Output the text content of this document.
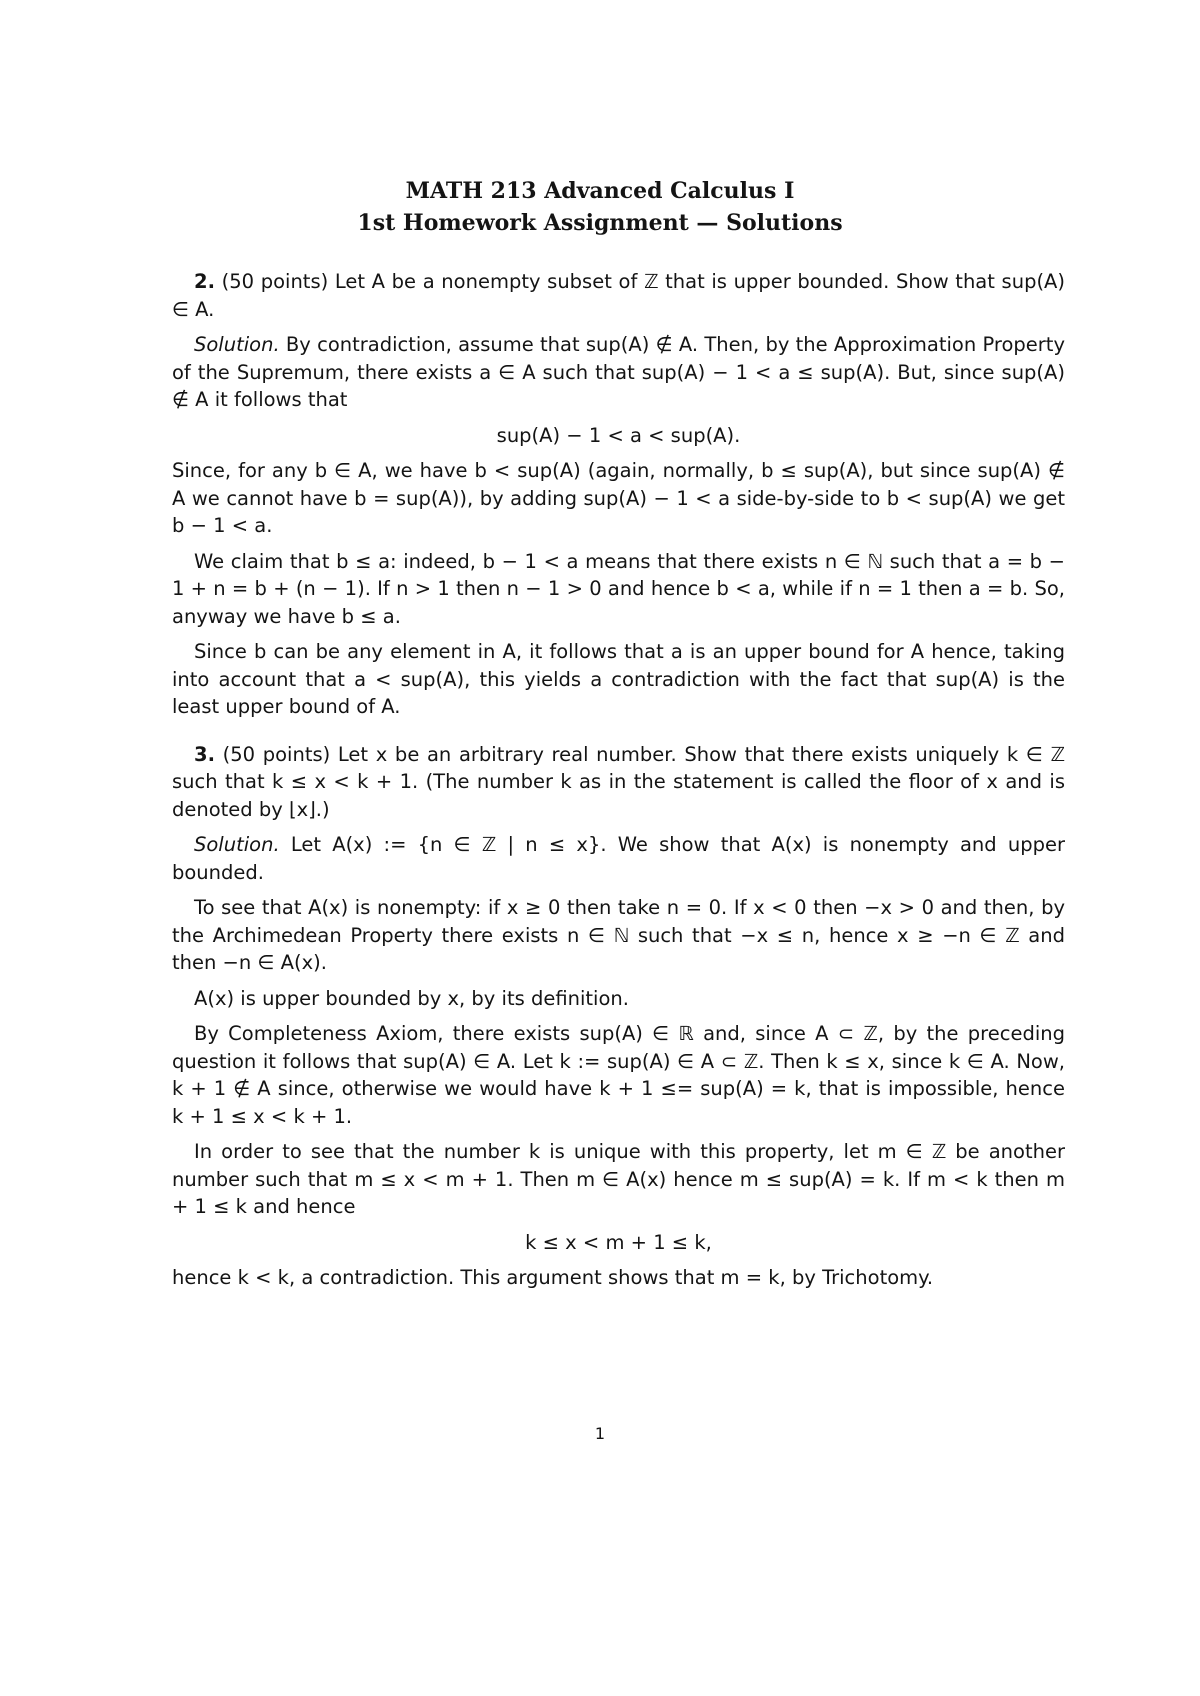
MATH 213 Advanced Calculus I
1st Homework Assignment — Solutions

2. (50 points) Let A be a nonempty subset of ℤ that is upper bounded. Show that sup(A) ∈ A.

Solution. By contradiction, assume that sup(A) ∉ A. Then, by the Approximation Property of the Supremum, there exists a ∈ A such that sup(A) − 1 < a ≤ sup(A). But, since sup(A) ∉ A it follows that

sup(A) − 1 < a < sup(A).

Since, for any b ∈ A, we have b < sup(A) (again, normally, b ≤ sup(A), but since sup(A) ∉ A we cannot have b = sup(A)), by adding sup(A) − 1 < a side-by-side to b < sup(A) we get b − 1 < a.

We claim that b ≤ a: indeed, b − 1 < a means that there exists n ∈ ℕ such that a = b − 1 + n = b + (n − 1). If n > 1 then n − 1 > 0 and hence b < a, while if n = 1 then a = b. So, anyway we have b ≤ a.

Since b can be any element in A, it follows that a is an upper bound for A hence, taking into account that a < sup(A), this yields a contradiction with the fact that sup(A) is the least upper bound of A.

3. (50 points) Let x be an arbitrary real number. Show that there exists uniquely k ∈ ℤ such that k ≤ x < k + 1. (The number k as in the statement is called the floor of x and is denoted by ⌊x⌋.)

Solution. Let A(x) := {n ∈ ℤ | n ≤ x}. We show that A(x) is nonempty and upper bounded.

To see that A(x) is nonempty: if x ≥ 0 then take n = 0. If x < 0 then −x > 0 and then, by the Archimedean Property there exists n ∈ ℕ such that −x ≤ n, hence x ≥ −n ∈ ℤ and then −n ∈ A(x).

A(x) is upper bounded by x, by its definition.

By Completeness Axiom, there exists sup(A) ∈ ℝ and, since A ⊂ ℤ, by the preceding question it follows that sup(A) ∈ A. Let k := sup(A) ∈ A ⊂ ℤ. Then k ≤ x, since k ∈ A. Now, k + 1 ∉ A since, otherwise we would have k + 1 ≤= sup(A) = k, that is impossible, hence k + 1 ≤ x < k + 1.

In order to see that the number k is unique with this property, let m ∈ ℤ be another number such that m ≤ x < m + 1. Then m ∈ A(x) hence m ≤ sup(A) = k. If m < k then m + 1 ≤ k and hence

k ≤ x < m + 1 ≤ k,

hence k < k, a contradiction. This argument shows that m = k, by Trichotomy.

1
